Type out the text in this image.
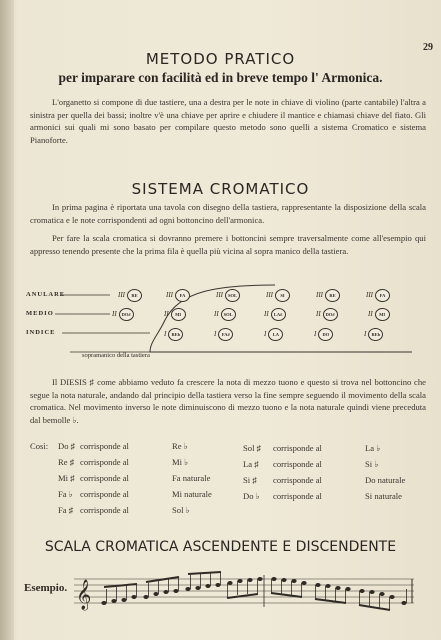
29
METODO PRATICO
per imparare con facilità ed in breve tempo l' Armonica.
L'organetto si compone di due tastiere, una a destra per le note in chiave di violino (parte cantabile) l'altra a sinistra per quella dei bassi; inoltre v'è una chiave per aprire e chiudere il mantice e chiamasi chiave del fiato. Gli armonici sui quali mi sono basato per compilare questo metodo sono quelli a sistema Cromatico e sistema Pianoforte.
SISTEMA CROMATICO
In prima pagina è riportata una tavola con disegno della tastiera, rappresentante la disposizione della scala cromatica e le note corrispondenti ad ogni bottoncino dell'armonica.
Per fare la scala cromatica si dovranno premere i bottoncini sempre traversalmente come all'esempio qui appresso tenendo presente che la prima fila è quella più vicina al sopra manico della tastiera.
ANULARE
MEDIO
INDICE
III RE	III FA	III SOL	III SI	III RE	III FA
II DO#	II MI	II SOL	II LA#	II DO#	II MI
I REb	I FA#	I LA	I DO	I REb
sopramanico della tastiera
Il DIESIS ♯ come abbiamo veduto fa crescere la nota di mezzo tuono e questo si trova nel bottoncino che segue la nota naturale, andando dal principio della tastiera verso la fine sempre seguendo il movimento della scala cromatica. Nel movimento inverso le note diminuiscono di mezzo tuono e la nota naturale quindi viene preceduta dal bemolle ♭.
Così: Do ♯ corrisponde al	Re ♭
Re ♯ corrisponde al	Mi ♭
Mi ♯ corrisponde al	Fa naturale
Fa ♭ corrisponde al	Mi naturale
Fa ♯ corrisponde al	Sol ♭
Sol ♯ corrisponde al	La ♭
La ♯ corrisponde al	Si ♭
Si ♯ corrisponde al	Do naturale
Do ♭ corrisponde al	Si naturale
SCALA CROMATICA ASCENDENTE E DISCENDENTE
Esempio. 𝄞
